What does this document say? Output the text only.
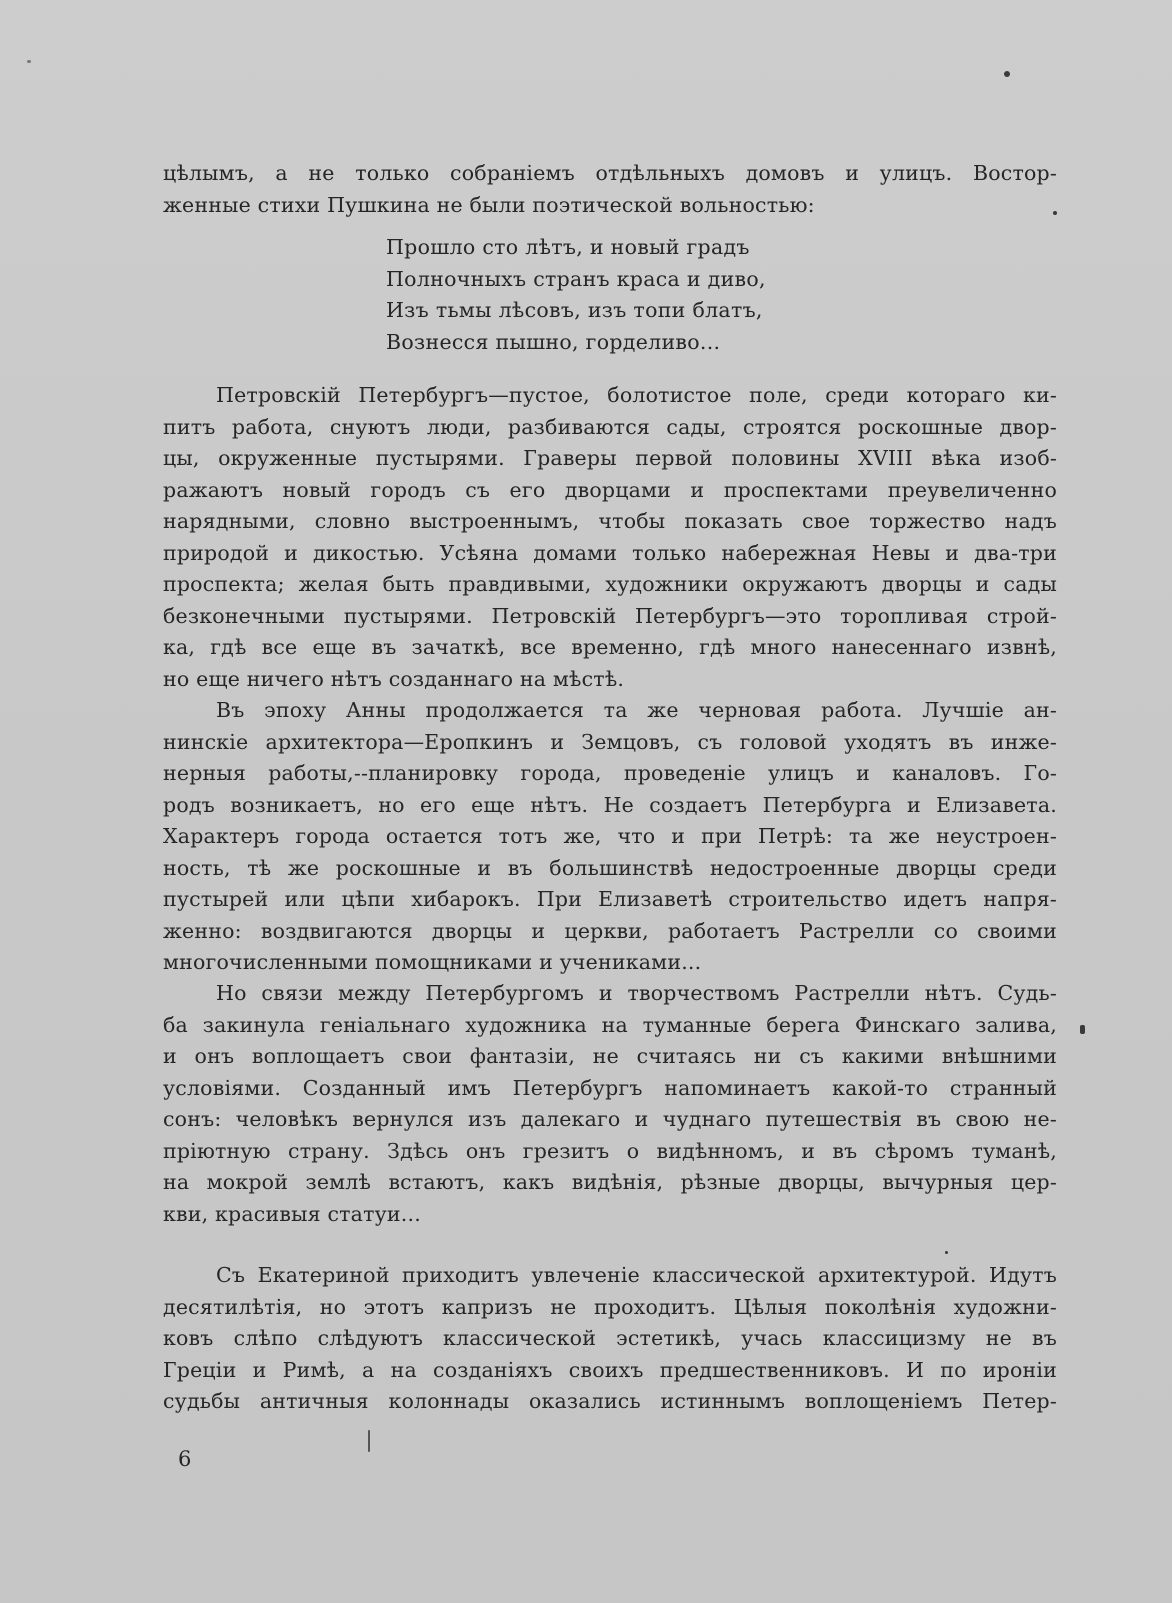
цѣлымъ, а не только собраніемъ отдѣльныхъ домовъ и улицъ. Востор-
женные стихи Пушкина не были поэтической вольностью:
Прошло сто лѣтъ, и новый градъ
Полночныхъ странъ краса и диво,
Изъ тьмы лѣсовъ, изъ топи блатъ,
Вознесся пышно, горделиво...
Петровскій Петербургъ—пустое, болотистое поле, среди котораго ки-
питъ работа, снуютъ люди, разбиваются сады, строятся роскошные двор-
цы, окруженные пустырями. Граверы первой половины XVIII вѣка изоб-
ражаютъ новый городъ съ его дворцами и проспектами преувеличенно
нарядными, словно выстроеннымъ, чтобы показать свое торжество надъ
природой и дикостью. Усѣяна домами только набережная Невы и два-три
проспекта; желая быть правдивыми, художники окружаютъ дворцы и сады
безконечными пустырями. Петровскій Петербургъ—это торопливая строй-
ка, гдѣ все еще въ зачаткѣ, все временно, гдѣ много нанесеннаго извнѣ,
но еще ничего нѣтъ созданнаго на мѣстѣ.
Въ эпоху Анны продолжается та же черновая работа. Лучшіе ан-
нинскіе архитектора—Еропкинъ и Земцовъ, съ головой уходятъ въ инже-
нерныя работы,--планировку города, проведеніе улицъ и каналовъ. Го-
родъ возникаетъ, но его еще нѣтъ. Не создаетъ Петербурга и Елизавета.
Характеръ города остается тотъ же, что и при Петрѣ: та же неустроен-
ность, тѣ же роскошные и въ большинствѣ недостроенные дворцы среди
пустырей или цѣпи хибарокъ. При Елизаветѣ строительство идетъ напря-
женно: воздвигаются дворцы и церкви, работаетъ Растрелли со своими
многочисленными помощниками и учениками...
Но связи между Петербургомъ и творчествомъ Растрелли нѣтъ. Судь-
ба закинула геніальнаго художника на туманные берега Финскаго залива,
и онъ воплощаетъ свои фантазіи, не считаясь ни съ какими внѣшними
условіями. Созданный имъ Петербургъ напоминаетъ какой-то странный
сонъ: человѣкъ вернулся изъ далекаго и чуднаго путешествія въ свою не-
пріютную страну. Здѣсь онъ грезитъ о видѣнномъ, и въ сѣромъ туманѣ,
на мокрой землѣ встаютъ, какъ видѣнія, рѣзные дворцы, вычурныя цер-
кви, красивыя статуи...
Съ Екатериной приходитъ увлеченіе классической архитектурой. Идутъ
десятилѣтія, но этотъ капризъ не проходитъ. Цѣлыя поколѣнія художни-
ковъ слѣпо слѣдуютъ классической эстетикѣ, учась классицизму не въ
Греціи и Римѣ, а на созданіяхъ своихъ предшественниковъ. И по ироніи
судьбы античныя колоннады оказались истиннымъ воплощеніемъ Петер-
6
